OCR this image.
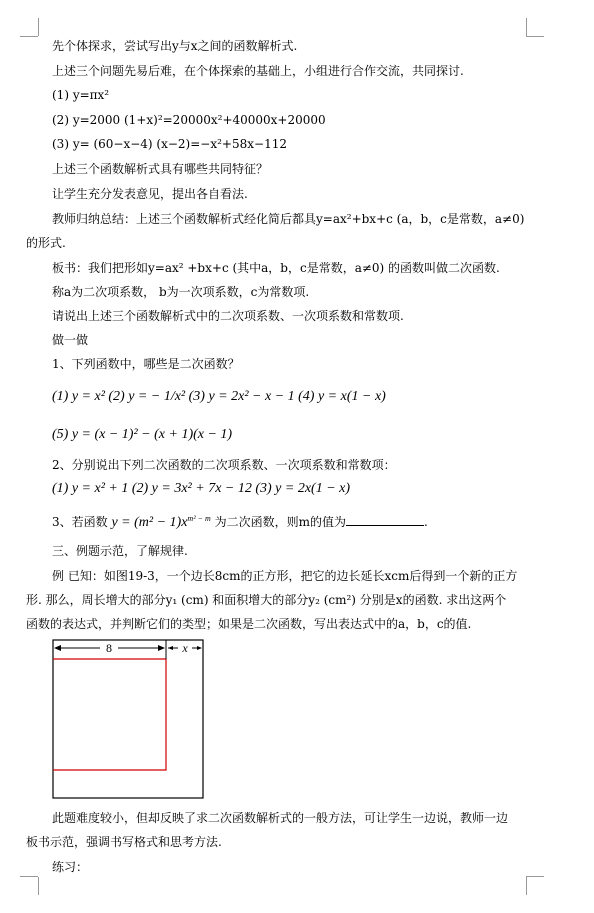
先个体探求，尝试写出y与x之间的函数解析式.
上述三个问题先易后难，在个体探索的基础上，小组进行合作交流，共同探讨.
(1) y=πx²
(2) y=2000 (1+x)²=20000x²+40000x+20000
(3) y= (60−x−4) (x−2)=−x²+58x−112
上述三个函数解析式具有哪些共同特征？
让学生充分发表意见，提出各自看法.
教师归纳总结：上述三个函数解析式经化简后都具y=ax²+bx+c (a，b，c是常数，a≠0)
的形式.
板书：我们把形如y=ax² +bx+c (其中a，b，c是常数，a≠0) 的函数叫做二次函数.
称a为二次项系数， b为一次项系数，c为常数项.
请说出上述三个函数解析式中的二次项系数、一次项系数和常数项.
做一做
1、下列函数中，哪些是二次函数？
(1) y = x² (2) y = − 1/x² (3) y = 2x² − x − 1 (4) y = x(1 − x)
(5) y = (x − 1)² − (x + 1)(x − 1)
2、分别说出下列二次函数的二次项系数、一次项系数和常数项：
(1) y = x² + 1 (2) y = 3x² + 7x − 12 (3) y = 2x(1 − x)
3、若函数 $y = (m^2 - 1)x^{m^2 - m}$ 为二次函数，则m的值为	.
三、例题示范，了解规律.
例 已知：如图19-3，一个边长8cm的正方形，把它的边长延长xcm后得到一个新的正方
形. 那么，周长增大的部分y₁ (cm) 和面积增大的部分y₂ (cm²) 分别是x的函数. 求出这两个
函数的表达式，并判断它们的类型；如果是二次函数，写出表达式中的a，b，c的值.
8	x
此题难度较小，但却反映了求二次函数解析式的一般方法，可让学生一边说，教师一边
板书示范，强调书写格式和思考方法.
练习：
